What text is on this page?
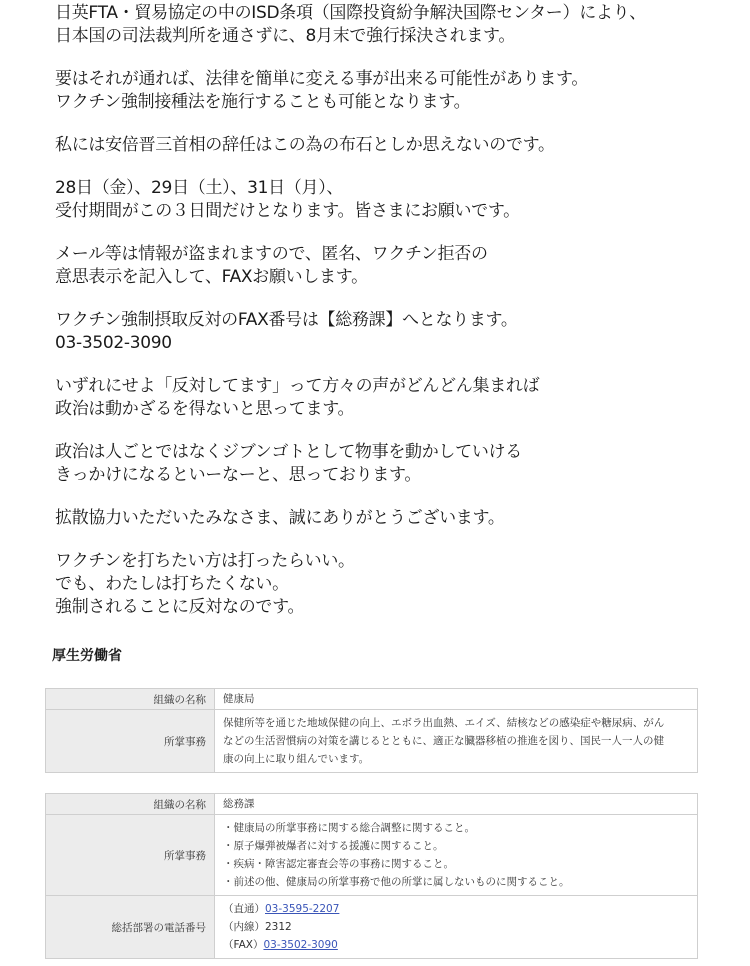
日英FTA・貿易協定の中のISD条項（国際投資紛争解決国際センター）により、
日本国の司法裁判所を通さずに、8月末で強行採決されます。
要はそれが通れば、法律を簡単に変える事が出来る可能性があります。
ワクチン強制接種法を施行することも可能となります。
私には安倍晋三首相の辞任はこの為の布石としか思えないのです。
28日（金）、29日（土）、31日（月）、
受付期間がこの３日間だけとなります。皆さまにお願いです。
メール等は情報が盗まれますので、匿名、ワクチン拒否の
意思表示を記入して、FAXお願いします。
ワクチン強制摂取反対のFAX番号は【総務課】へとなります。
03-3502-3090
いずれにせよ「反対してます」って方々の声がどんどん集まれば
政治は動かざるを得ないと思ってます。
政治は人ごとではなくジブンゴトとして物事を動かしていける
きっかけになるといーなーと、思っております。
拡散協力いただいたみなさま、誠にありがとうございます。
ワクチンを打ちたい方は打ったらいい。
でも、わたしは打ちたくない。
強制されることに反対なのです。
厚生労働省
組織の名称	健康局
所掌事務	保健所等を通じた地域保健の向上、エボラ出血熱、エイズ、結核などの感染症や糖尿病、がん
などの生活習慣病の対策を講じるとともに、適正な臓器移植の推進を図り、国民一人一人の健
康の向上に取り組んでいます。
組織の名称	総務課
所掌事務	・健康局の所掌事務に関する総合調整に関すること。
・原子爆弾被爆者に対する援護に関すること。
・疾病・障害認定審査会等の事務に関すること。
・前述の他、健康局の所掌事務で他の所掌に属しないものに関すること。

総括部署の電話番号	（直通）03-3595-2207
（内線）2312
（FAX）03-3502-3090
